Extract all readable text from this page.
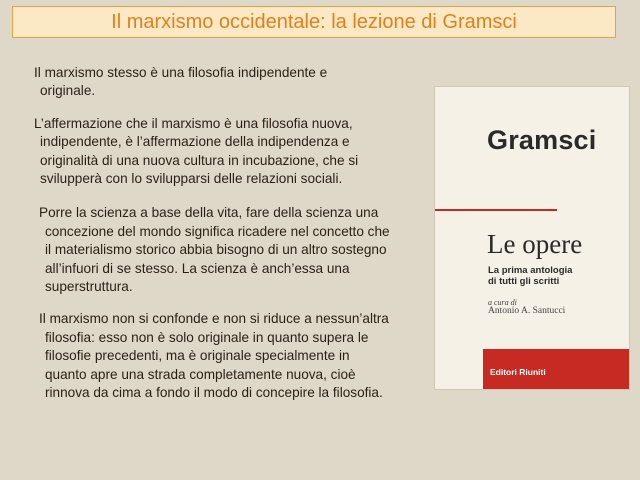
Il marxismo occidentale: la lezione di Gramsci
Il marxismo stesso è una filosofia indipendente e
originale.
L’affermazione che il marxismo è una filosofia nuova,
indipendente, è l’affermazione della indipendenza e
originalità di una nuova cultura in incubazione, che si
svilupperà con lo svilupparsi delle relazioni sociali.
Porre la scienza a base della vita, fare della scienza una
concezione del mondo significa ricadere nel concetto che
il materialismo storico abbia bisogno di un altro sostegno
all’infuori di se stesso. La scienza è anch’essa una
superstruttura.
Il marxismo non si confonde e non si riduce a nessun’altra
filosofia: esso non è solo originale in quanto supera le
filosofie precedenti, ma è originale specialmente in
quanto apre una strada completamente nuova, cioè
rinnova da cima a fondo il modo di concepire la filosofia.
Gramsci
Le opere
La prima antologia
di tutti gli scritti
a cura di
Antonio A. Santucci
Editori Riuniti
